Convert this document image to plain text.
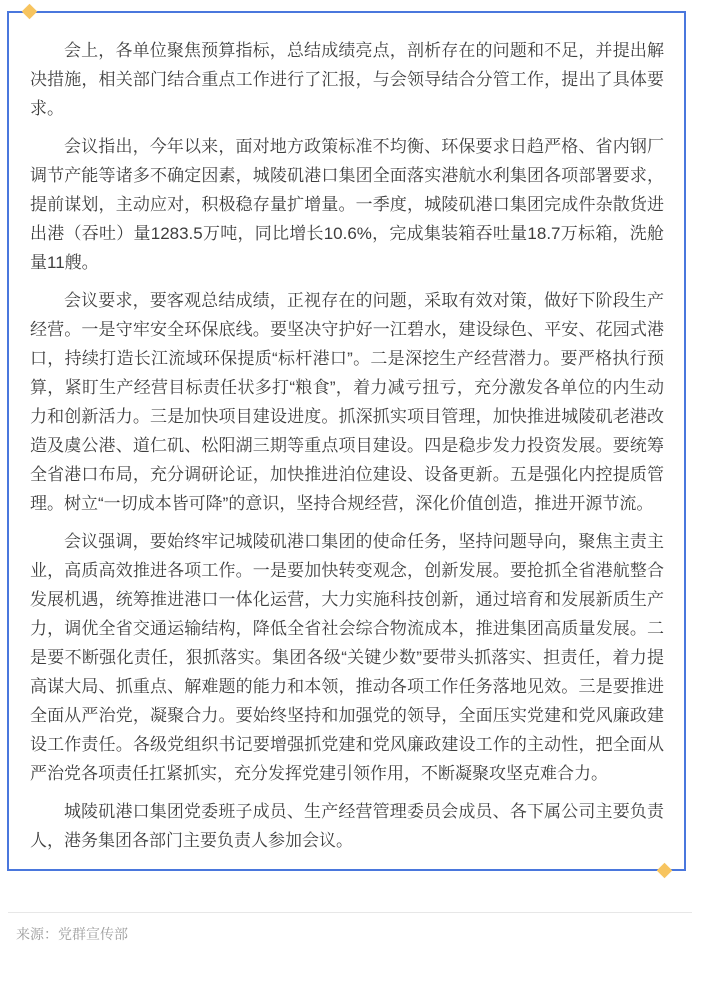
会上，各单位聚焦预算指标，总结成绩亮点，剖析存在的问题和不足，并提出解决措施，相关部门结合重点工作进行了汇报，与会领导结合分管工作，提出了具体要求。

会议指出，今年以来，面对地方政策标准不均衡、环保要求日趋严格、省内钢厂调节产能等诸多不确定因素，城陵矶港口集团全面落实港航水利集团各项部署要求，提前谋划，主动应对，积极稳存量扩增量。一季度，城陵矶港口集团完成件杂散货进出港（吞吐）量1283.5万吨，同比增长10.6%，完成集装箱吞吐量18.7万标箱，洗舱量11艘。

会议要求，要客观总结成绩，正视存在的问题，采取有效对策，做好下阶段生产经营。一是守牢安全环保底线。要坚决守护好一江碧水，建设绿色、平安、花园式港口，持续打造长江流域环保提质“标杆港口”。二是深挖生产经营潜力。要严格执行预算，紧盯生产经营目标责任状多打“粮食”，着力减亏扭亏，充分激发各单位的内生动力和创新活力。三是加快项目建设进度。抓深抓实项目管理，加快推进城陵矶老港改造及虞公港、道仁矶、松阳湖三期等重点项目建设。四是稳步发力投资发展。要统筹全省港口布局，充分调研论证，加快推进泊位建设、设备更新。五是强化内控提质管理。树立“一切成本皆可降”的意识，坚持合规经营，深化价值创造，推进开源节流。

会议强调，要始终牢记城陵矶港口集团的使命任务，坚持问题导向，聚焦主责主业，高质高效推进各项工作。一是要加快转变观念，创新发展。要抢抓全省港航整合发展机遇，统筹推进港口一体化运营，大力实施科技创新，通过培育和发展新质生产力，调优全省交通运输结构，降低全省社会综合物流成本，推进集团高质量发展。二是要不断强化责任，狠抓落实。集团各级“关键少数”要带头抓落实、担责任，着力提高谋大局、抓重点、解难题的能力和本领，推动各项工作任务落地见效。三是要推进全面从严治党，凝聚合力。要始终坚持和加强党的领导，全面压实党建和党风廉政建设工作责任。各级党组织书记要增强抓党建和党风廉政建设工作的主动性，把全面从严治党各项责任扛紧抓实，充分发挥党建引领作用，不断凝聚攻坚克难合力。

城陵矶港口集团党委班子成员、生产经营管理委员会成员、各下属公司主要负责人，港务集团各部门主要负责人参加会议。

来源：党群宣传部
